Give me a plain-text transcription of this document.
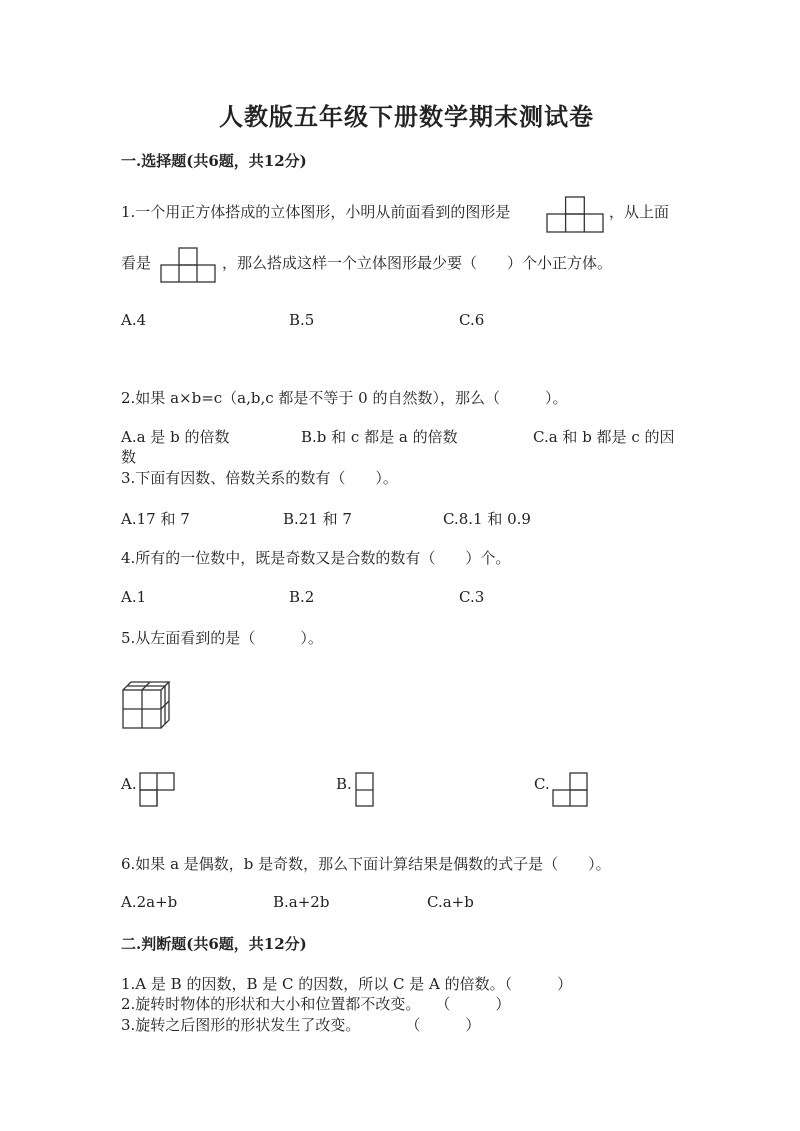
人教版五年级下册数学期末测试卷
一.选择题(共6题，共12分)
1.一个用正方体搭成的立体图形，小明从前面看到的图形是	，从上面
看是	，那么搭成这样一个立体图形最少要（　　）个小正方体。
A.4	B.5	C.6
2.如果 a×b=c（a,b,c 都是不等于 0 的自然数），那么（　　　）。
A.a 是 b 的倍数	B.b 和 c 都是 a 的倍数	C.a 和 b 都是 c 的因
数
3.下面有因数、倍数关系的数有（　　）。
A.17 和 7	B.21 和 7	C.8.1 和 0.9
4.所有的一位数中，既是奇数又是合数的数有（　　）个。
A.1	B.2	C.3
5.从左面看到的是（　　　）。
A.	B.	C.
6.如果 a 是偶数，b 是奇数，那么下面计算结果是偶数的式子是（　　）。
A.2a+b	B.a+2b	C.a+b
二.判断题(共6题，共12分)
1.A 是 B 的因数，B 是 C 的因数，所以 C 是 A 的倍数。（　　　）
2.旋转时物体的形状和大小和位置都不改变。　　（　　　）
3.旋转之后图形的形状发生了改变。　　　　（　　　）
